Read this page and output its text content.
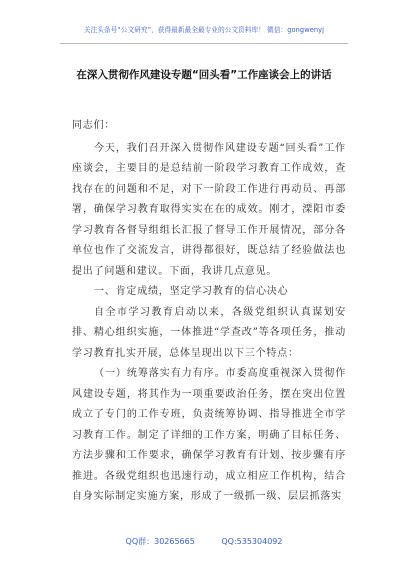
关注头条号“公文研究”，获得最新最全最专业的公文资料库！ 微信：gongwenyj
在深入贯彻作风建设专题“回头看”工作座谈会上的讲话

同志们：

今天，我们召开深入贯彻作风建设专题“回头看”工作座谈会，主要目的是总结前一阶段学习教育工作成效，查找存在的问题和不足，对下一阶段工作进行再动员、再部署，确保学习教育取得实实在在的成效。刚才，溧阳市委学习教育各督导组组长汇报了督导工作开展情况，部分各单位也作了交流发言，讲得都很好，既总结了经验做法也提出了问题和建议。下面，我讲几点意见。

一、肯定成绩，坚定学习教育的信心决心

自全市学习教育启动以来，各级党组织认真谋划安排、精心组织实施，一体推进“学查改”等各项任务，推动学习教育扎实开展，总体呈现出以下三个特点：

（一）统筹落实有力有序。市委高度重视深入贯彻作风建设专题，将其作为一项重要政治任务，摆在突出位置成立了专门的工作专班，负责统筹协调、指导推进全市学习教育工作。制定了详细的工作方案，明确了目标任务、方法步骤和工作要求，确保学习教育有计划、按步骤有序推进。各级党组织也迅速行动，成立相应工作机构，结合自身实际制定实施方案，形成了一级抓一级、层层抓落实

QQ群：30265665	QQ:535304092
